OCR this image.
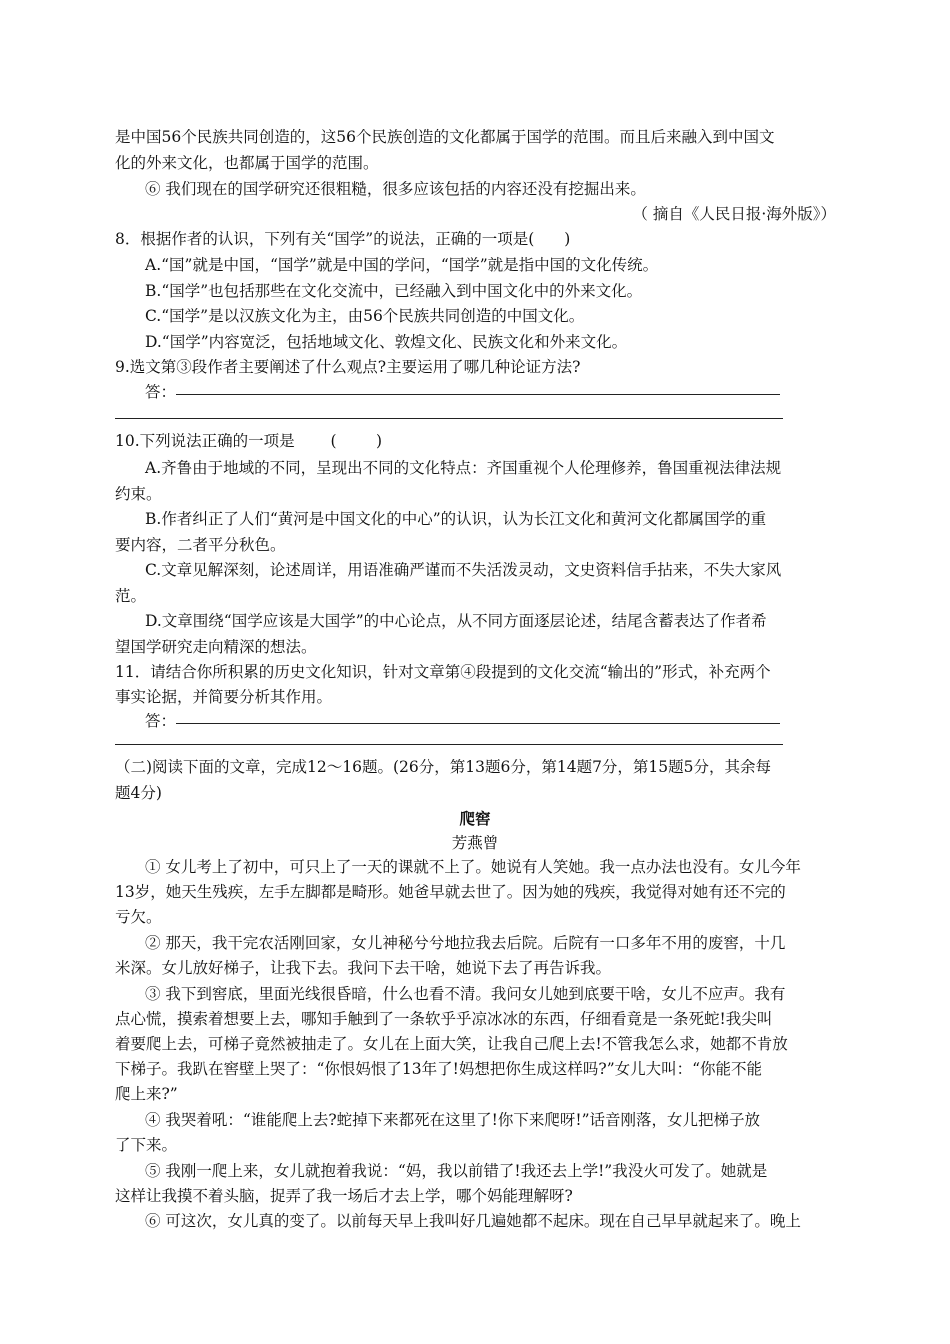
是中国56个民族共同创造的，这56个民族创造的文化都属于国学的范围。而且后来融入到中国文
化的外来文化，也都属于国学的范围。
⑥ 我们现在的国学研究还很粗糙，很多应该包括的内容还没有挖掘出来。
（ 摘自《人民日报·海外版》）
8．根据作者的认识，下列有关“国学”的说法，正确的一项是( )
A.“国”就是中国，“国学”就是中国的学问，“国学”就是指中国的文化传统。
B.“国学”也包括那些在文化交流中，已经融入到中国文化中的外来文化。
C.“国学”是以汉族文化为主，由56个民族共同创造的中国文化。
D.“国学”内容宽泛，包括地域文化、敦煌文化、民族文化和外来文化。
9.选文第③段作者主要阐述了什么观点?主要运用了哪几种论证方法?
答：
10.下列说法正确的一项是 (        )
A.齐鲁由于地域的不同，呈现出不同的文化特点：齐国重视个人伦理修养，鲁国重视法律法规
约束。
B.作者纠正了人们“黄河是中国文化的中心”的认识，认为长江文化和黄河文化都属国学的重
要内容，二者平分秋色。
C.文章见解深刻，论述周详，用语准确严谨而不失活泼灵动，文史资料信手拈来，不失大家风
范。
D.文章围绕“国学应该是大国学”的中心论点，从不同方面逐层论述，结尾含蓄表达了作者希
望国学研究走向精深的想法。
11．请结合你所积累的历史文化知识，针对文章第④段提到的文化交流“输出的”形式，补充两个
事实论据，并简要分析其作用。
答：
（二)阅读下面的文章，完成12～16题。(26分，第13题6分，第14题7分，第15题5分，其余每
题4分)
爬窖
芳燕曾
① 女儿考上了初中，可只上了一天的课就不上了。她说有人笑她。我一点办法也没有。女儿今年
13岁，她天生残疾，左手左脚都是畸形。她爸早就去世了。因为她的残疾，我觉得对她有还不完的
亏欠。
② 那天，我干完农活刚回家，女儿神秘兮兮地拉我去后院。后院有一口多年不用的废窖，十几
米深。女儿放好梯子，让我下去。我问下去干啥，她说下去了再告诉我。
③ 我下到窖底，里面光线很昏暗，什么也看不清。我问女儿她到底要干啥，女儿不应声。我有
点心慌，摸索着想要上去，哪知手触到了一条软乎乎凉冰冰的东西，仔细看竟是一条死蛇!我尖叫
着要爬上去，可梯子竟然被抽走了。女儿在上面大笑，让我自己爬上去!不管我怎么求，她都不肯放
下梯子。我趴在窖壁上哭了：“你恨妈恨了13年了!妈想把你生成这样吗?”女儿大叫：“你能不能
爬上来?”
④ 我哭着吼：“谁能爬上去?蛇掉下来都死在这里了!你下来爬呀!”话音刚落，女儿把梯子放
了下来。
⑤ 我刚一爬上来，女儿就抱着我说：“妈，我以前错了!我还去上学!”我没火可发了。她就是
这样让我摸不着头脑，捉弄了我一场后才去上学，哪个妈能理解呀?
⑥ 可这次，女儿真的变了。以前每天早上我叫好几遍她都不起床。现在自己早早就起来了。晚上
